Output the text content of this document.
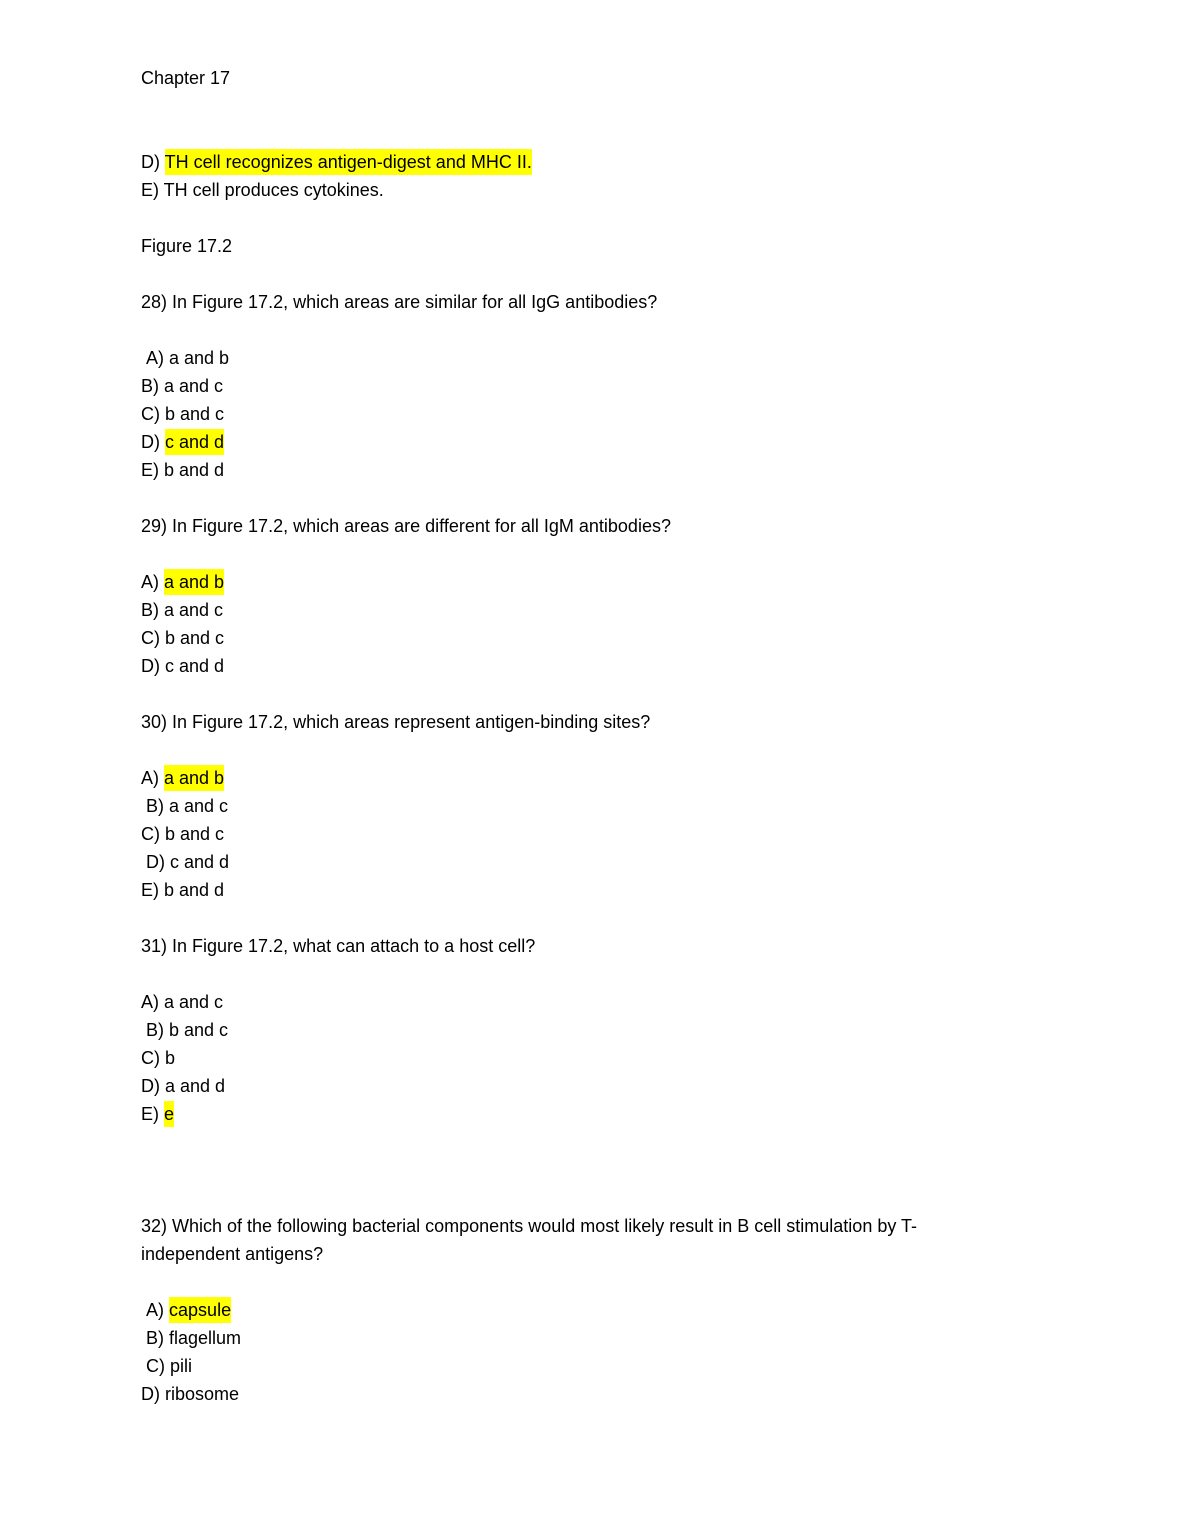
Chapter 17
D) TH cell recognizes antigen-digest and MHC II.
E) TH cell produces cytokines.
Figure 17.2
28) In Figure 17.2, which areas are similar for all IgG antibodies?
A) a and b
B) a and c
C) b and c
D) c and d
E) b and d
29) In Figure 17.2, which areas are different for all IgM antibodies?
A) a and b
B) a and c
C) b and c
D) c and d
30) In Figure 17.2, which areas represent antigen-binding sites?
A) a and b
B) a and c
C) b and c
D) c and d
E) b and d
31) In Figure 17.2, what can attach to a host cell?
A) a and c
B) b and c
C) b
D) a and d
E) e
32) Which of the following bacterial components would most likely result in B cell stimulation by T-
independent antigens?
A) capsule
B) flagellum
C) pili
D) ribosome
